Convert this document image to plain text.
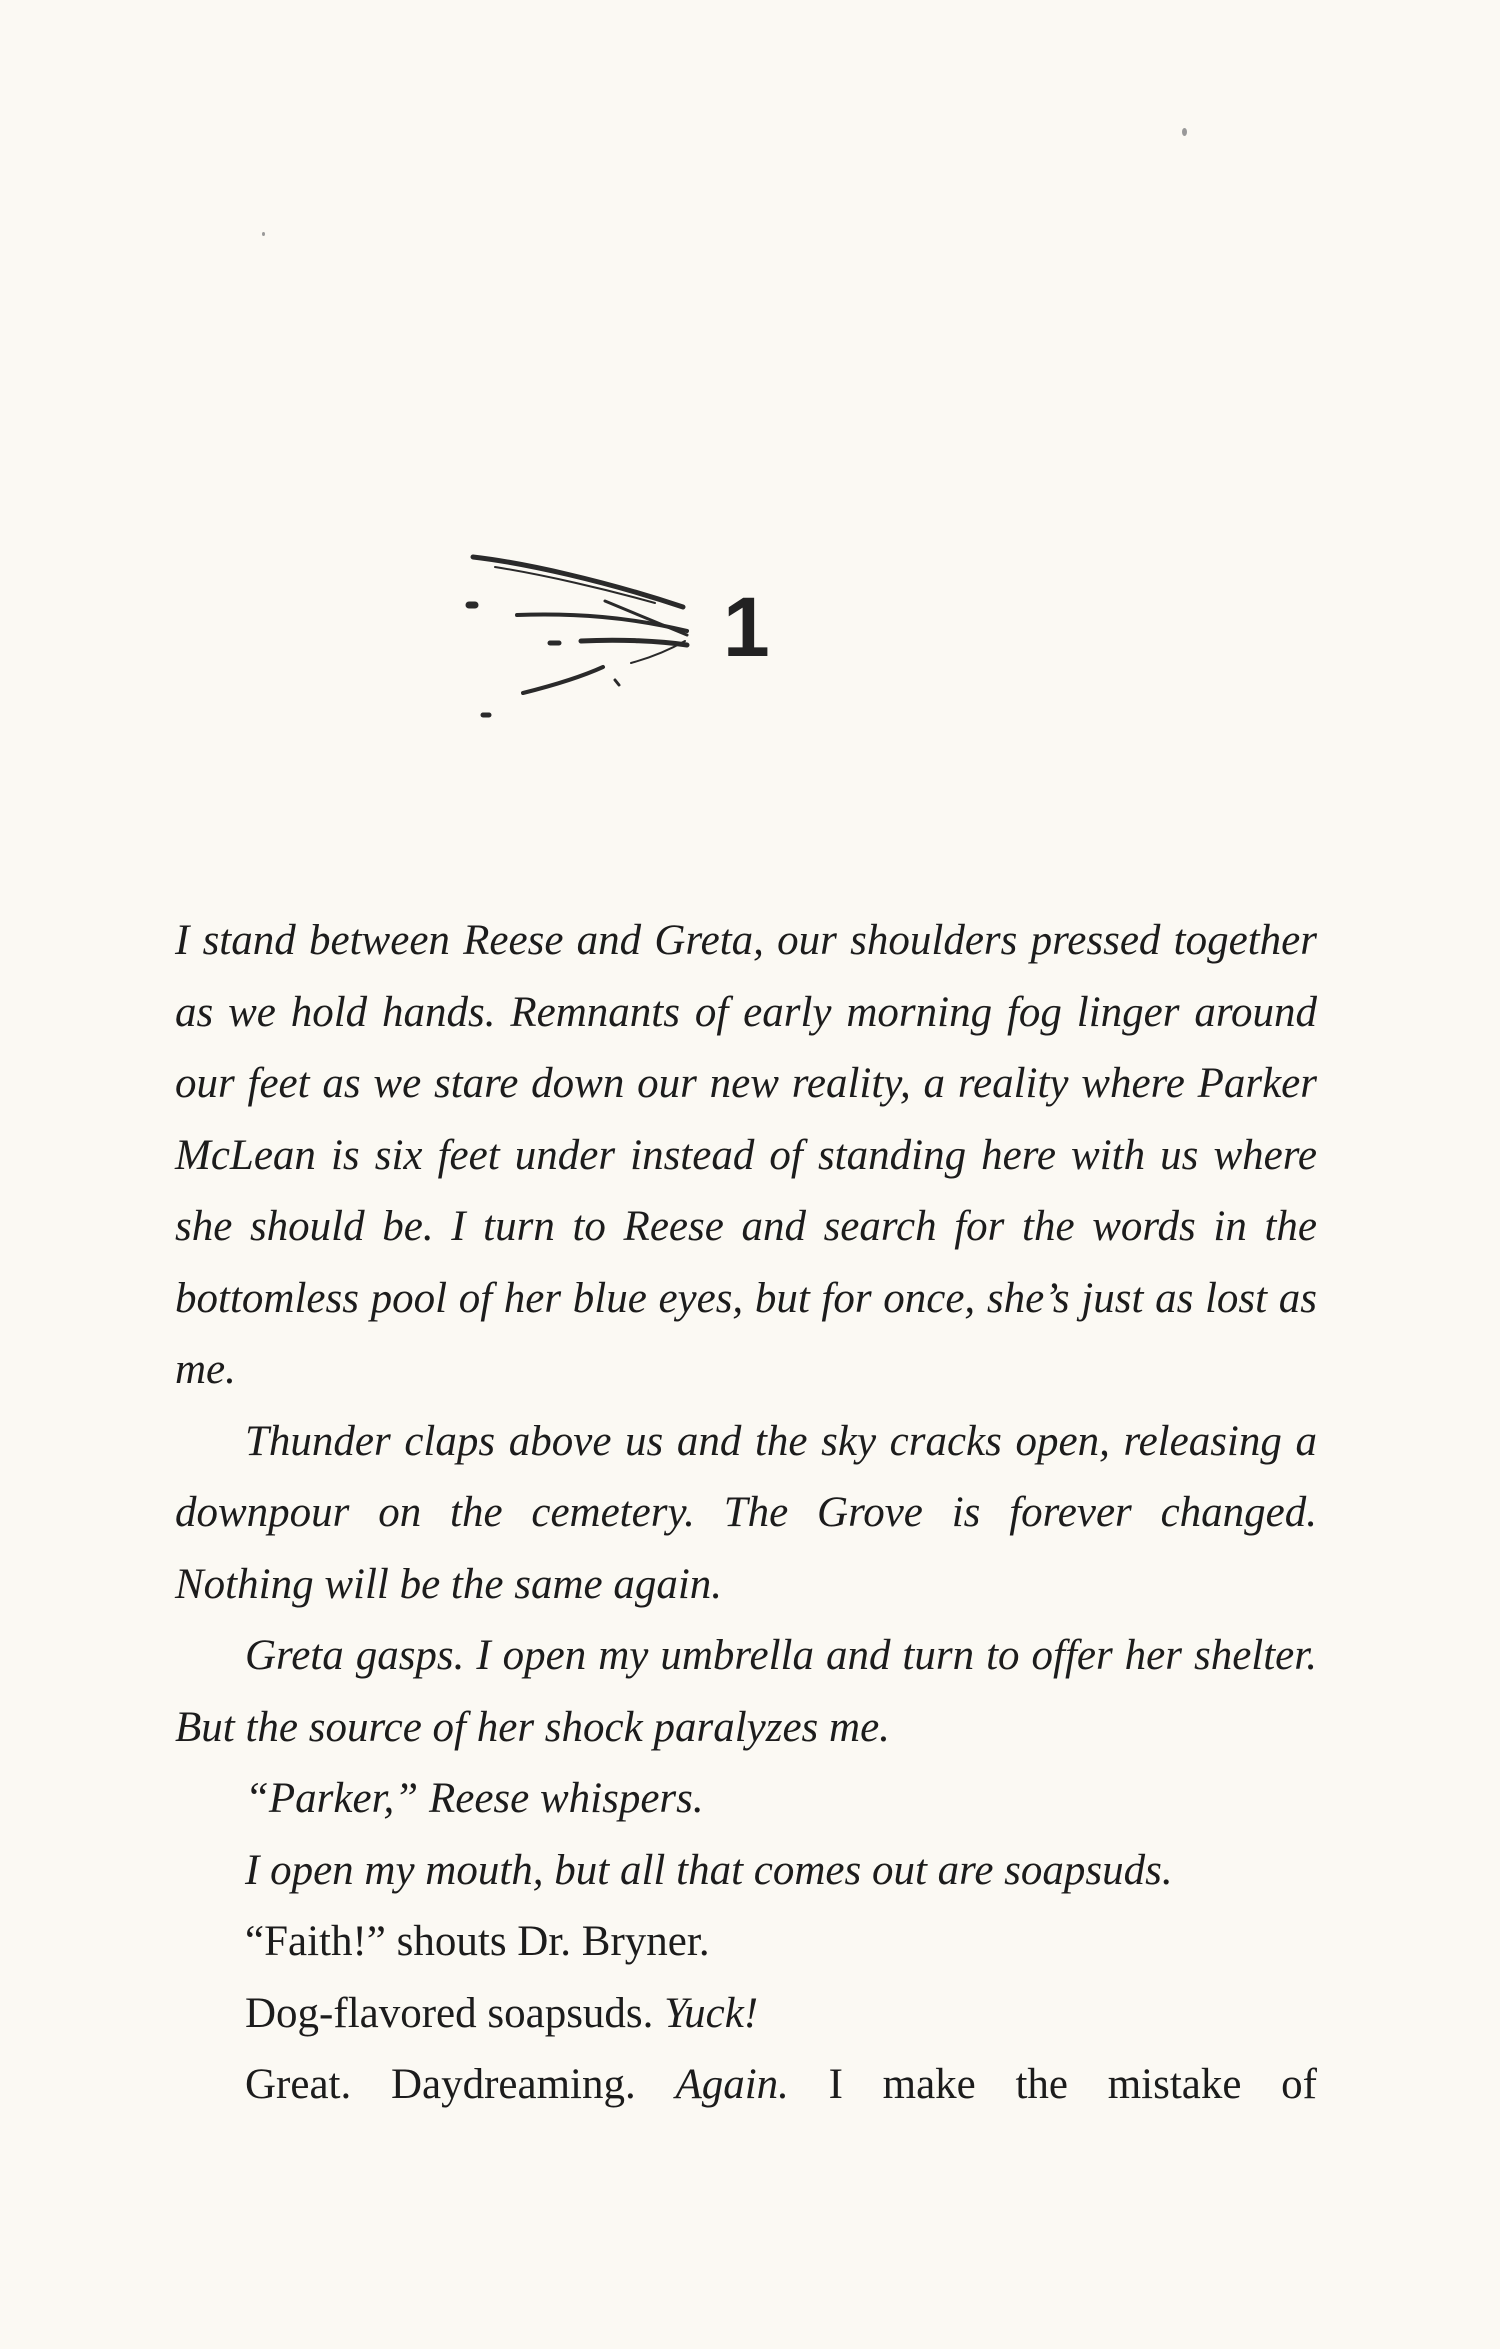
1

I stand between Reese and Greta, our shoulders pressed together as we hold hands. Remnants of early morning fog linger around our feet as we stare down our new reality, a reality where Parker McLean is six feet under instead of standing here with us where she should be. I turn to Reese and search for the words in the bottomless pool of her blue eyes, but for once, she’s just as lost as me.

Thunder claps above us and the sky cracks open, releasing a downpour on the cemetery. The Grove is forever changed. Nothing will be the same again.

Greta gasps. I open my umbrella and turn to offer her shelter. But the source of her shock paralyzes me.

“Parker,” Reese whispers.

I open my mouth, but all that comes out are soapsuds.

“Faith!” shouts Dr. Bryner.

Dog-flavored soapsuds. Yuck!

Great. Daydreaming. Again. I make the mistake of
